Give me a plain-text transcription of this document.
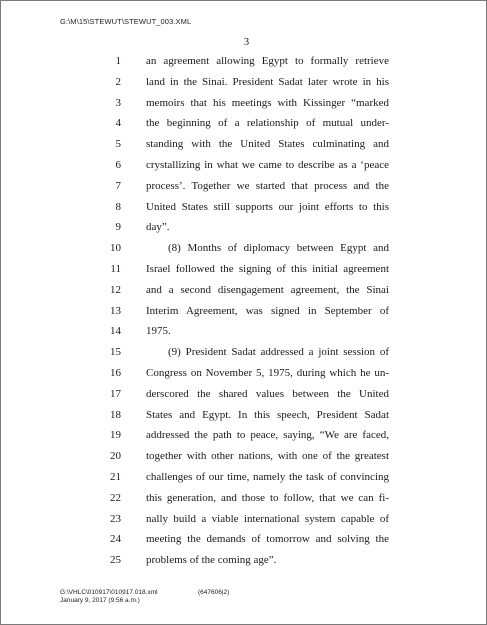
G:\M\15\STEWUT\STEWUT_003.XML
3
1 an agreement allowing Egypt to formally retrieve
2 land in the Sinai. President Sadat later wrote in his
3 memoirs that his meetings with Kissinger “marked
4 the beginning of a relationship of mutual under-
5 standing with the United States culminating and
6 crystallizing in what we came to describe as a ‘peace
7 process’. Together we started that process and the
8 United States still supports our joint efforts to this
9 day”.
10	(8) Months of diplomacy between Egypt and
11 Israel followed the signing of this initial agreement
12 and a second disengagement agreement, the Sinai
13 Interim Agreement, was signed in September of
14 1975.
15	(9) President Sadat addressed a joint session of
16 Congress on November 5, 1975, during which he un-
17 derscored the shared values between the United
18 States and Egypt. In this speech, President Sadat
19 addressed the path to peace, saying, “We are faced,
20 together with other nations, with one of the greatest
21 challenges of our time, namely the task of convincing
22 this generation, and those to follow, that we can fi-
23 nally build a viable international system capable of
24 meeting the demands of tomorrow and solving the
25 problems of the coming age”.
G:\VHLC\010917\010917.018.xml
January 9, 2017 (9:56 a.m.)
(647606|2)
